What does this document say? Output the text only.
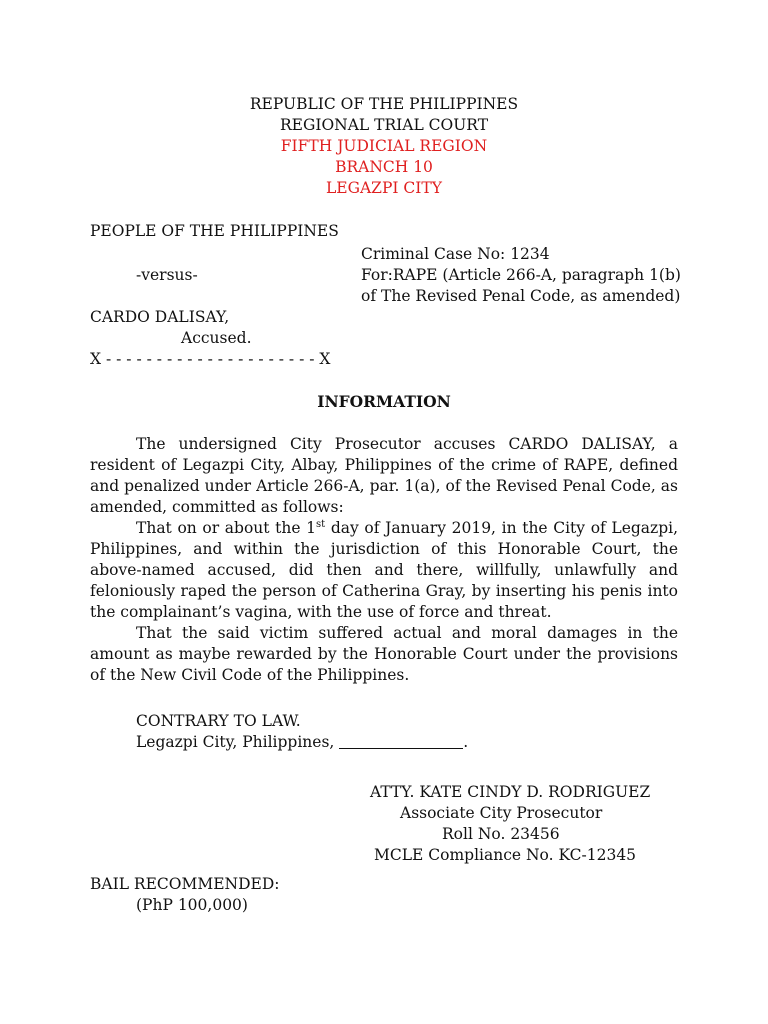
REPUBLIC OF THE PHILIPPINES
REGIONAL TRIAL COURT
FIFTH JUDICIAL REGION
BRANCH 10
LEGAZPI CITY
PEOPLE OF THE PHILIPPINES
Criminal Case No: 1234
-versus-	For:RAPE (Article 266-A, paragraph 1(b)
of The Revised Penal Code, as amended)
CARDO DALISAY,
Accused.
X - - - - - - - - - - - - - - - - - - - - - X
INFORMATION

The undersigned City Prosecutor accuses CARDO DALISAY, a resident of Legazpi City, Albay, Philippines of the crime of RAPE, defined and penalized under Article 266-A, par. 1(a), of the Revised Penal Code, as amended, committed as follows:

That on or about the 1st day of January 2019, in the City of Legazpi, Philippines, and within the jurisdiction of this Honorable Court, the above-named accused, did then and there, willfully, unlawfully and feloniously raped the person of Catherina Gray, by inserting his penis into the complainant’s vagina, with the use of force and threat.

That the said victim suffered actual and moral damages in the amount as maybe rewarded by the Honorable Court under the provisions of the New Civil Code of the Philippines.

CONTRARY TO LAW.
Legazpi City, Philippines,	.
ATTY. KATE CINDY D. RODRIGUEZ
Associate City Prosecutor
Roll No. 23456
MCLE Compliance No. KC-12345
BAIL RECOMMENDED:
(PhP 100,000)
